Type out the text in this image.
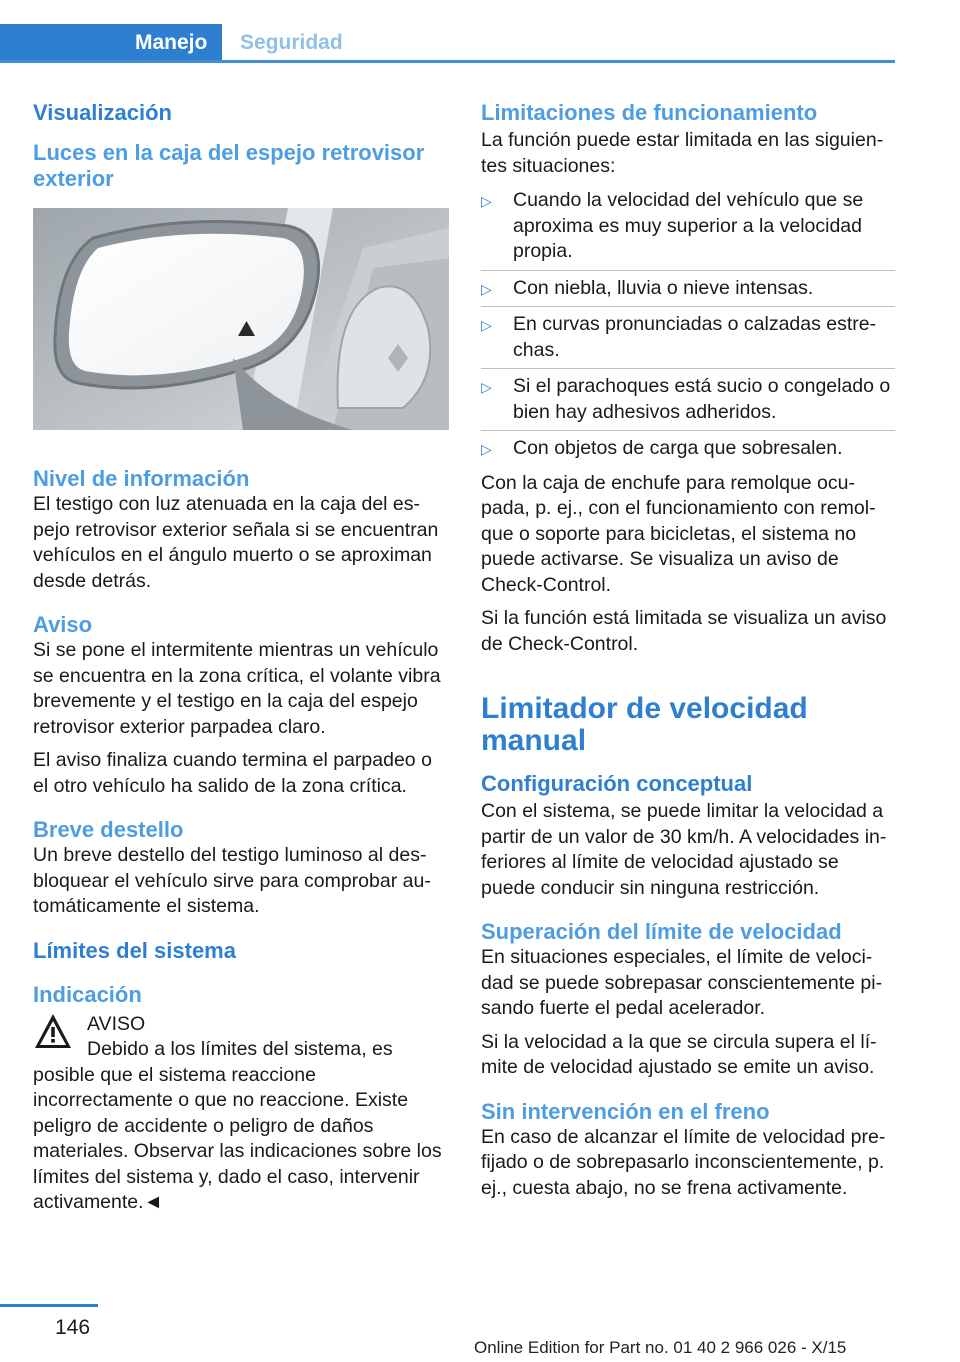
Manejo	Seguridad
Visualización
Luces en la caja del espejo retrovisor exterior
Nivel de información

El testigo con luz atenuada en la caja del espejo retrovisor exterior señala si se encuentran vehículos en el ángulo muerto o se aproximan desde detrás.

Aviso

Si se pone el intermitente mientras un vehículo se encuentra en la zona crítica, el volante vibra brevemente y el testigo en la caja del espejo retrovisor exterior parpadea claro.

El aviso finaliza cuando termina el parpadeo o el otro vehículo ha salido de la zona crítica.

Breve destello

Un breve destello del testigo luminoso al desbloquear el vehículo sirve para comprobar automáticamente el sistema.

Límites del sistema
Indicación

AVISO

Debido a los límites del sistema, es posible que el sistema reaccione incorrectamente o que no reaccione. Existe peligro de accidente o peligro de daños materiales. Observar las indicaciones sobre los límites del sistema y, dado el caso, intervenir activamente.◄

Limitaciones de funcionamiento

La función puede estar limitada en las siguientes situaciones:

▷ Cuando la velocidad del vehículo que se aproxima es muy superior a la velocidad propia.
▷ Con niebla, lluvia o nieve intensas.
▷ En curvas pronunciadas o calzadas estrechas.
▷ Si el parachoques está sucio o congelado o bien hay adhesivos adheridos.
▷ Con objetos de carga que sobresalen.

Con la caja de enchufe para remolque ocupada, p. ej., con el funcionamiento con remolque o soporte para bicicletas, el sistema no puede activarse. Se visualiza un aviso de Check-Control.

Si la función está limitada se visualiza un aviso de Check-Control.

Limitador de velocidad manual
Configuración conceptual

Con el sistema, se puede limitar la velocidad a partir de un valor de 30 km/h. A velocidades inferiores al límite de velocidad ajustado se puede conducir sin ninguna restricción.

Superación del límite de velocidad

En situaciones especiales, el límite de velocidad se puede sobrepasar conscientemente pisando fuerte el pedal acelerador.

Si la velocidad a la que se circula supera el límite de velocidad ajustado se emite un aviso.

Sin intervención en el freno

En caso de alcanzar el límite de velocidad prefijado o de sobrepasarlo inconscientemente, p. ej., cuesta abajo, no se frena activamente.

146
Online Edition for Part no. 01 40 2 966 026 - X/15
